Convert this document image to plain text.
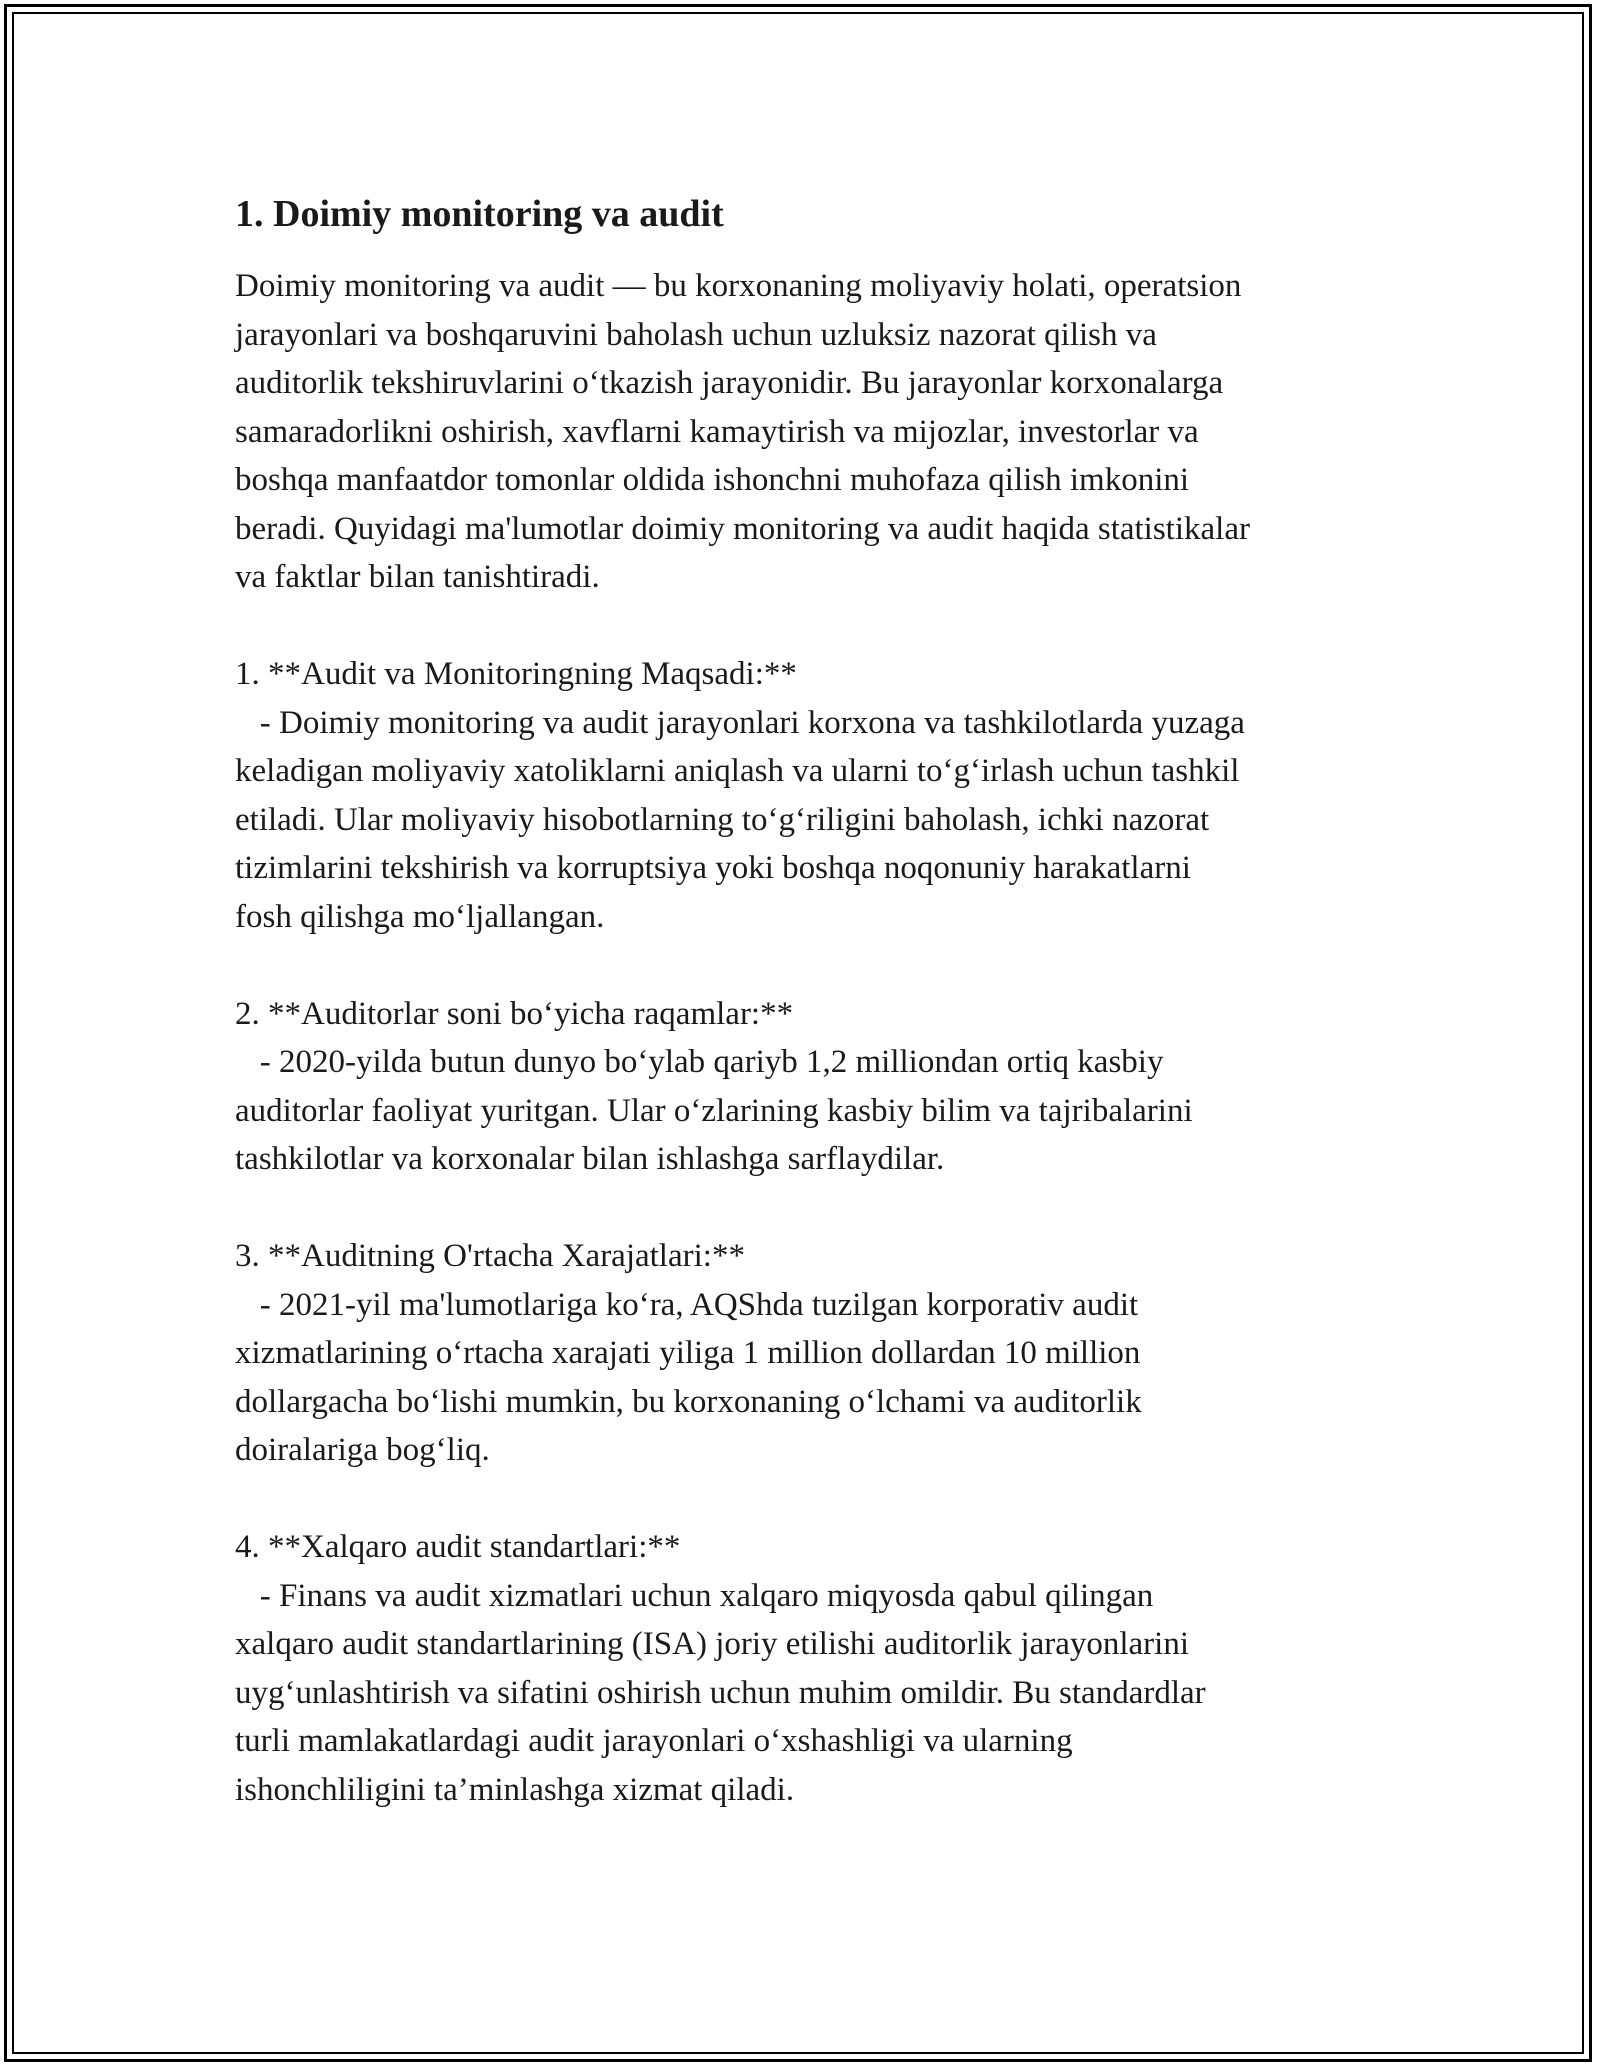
1. Doimiy monitoring va audit
Doimiy monitoring va audit — bu korxonaning moliyaviy holati, operatsion
jarayonlari va boshqaruvini baholash uchun uzluksiz nazorat qilish va
auditorlik tekshiruvlarini o‘tkazish jarayonidir. Bu jarayonlar korxonalarga
samaradorlikni oshirish, xavflarni kamaytirish va mijozlar, investorlar va
boshqa manfaatdor tomonlar oldida ishonchni muhofaza qilish imkonini
beradi. Quyidagi ma'lumotlar doimiy monitoring va audit haqida statistikalar
va faktlar bilan tanishtiradi.
1. **Audit va Monitoringning Maqsadi:**
- Doimiy monitoring va audit jarayonlari korxona va tashkilotlarda yuzaga
keladigan moliyaviy xatoliklarni aniqlash va ularni to‘g‘irlash uchun tashkil
etiladi. Ular moliyaviy hisobotlarning to‘g‘riligini baholash, ichki nazorat
tizimlarini tekshirish va korruptsiya yoki boshqa noqonuniy harakatlarni
fosh qilishga mo‘ljallangan.
2. **Auditorlar soni bo‘yicha raqamlar:**
- 2020-yilda butun dunyo bo‘ylab qariyb 1,2 milliondan ortiq kasbiy
auditorlar faoliyat yuritgan. Ular o‘zlarining kasbiy bilim va tajribalarini
tashkilotlar va korxonalar bilan ishlashga sarflaydilar.
3. **Auditning O'rtacha Xarajatlari:**
- 2021-yil ma'lumotlariga ko‘ra, AQShda tuzilgan korporativ audit
xizmatlarining o‘rtacha xarajati yiliga 1 million dollardan 10 million
dollargacha bo‘lishi mumkin, bu korxonaning o‘lchami va auditorlik
doiralariga bog‘liq.
4. **Xalqaro audit standartlari:**
- Finans va audit xizmatlari uchun xalqaro miqyosda qabul qilingan
xalqaro audit standartlarining (ISA) joriy etilishi auditorlik jarayonlarini
uyg‘unlashtirish va sifatini oshirish uchun muhim omildir. Bu standardlar
turli mamlakatlardagi audit jarayonlari o‘xshashligi va ularning
ishonchliligini ta’minlashga xizmat qiladi.
